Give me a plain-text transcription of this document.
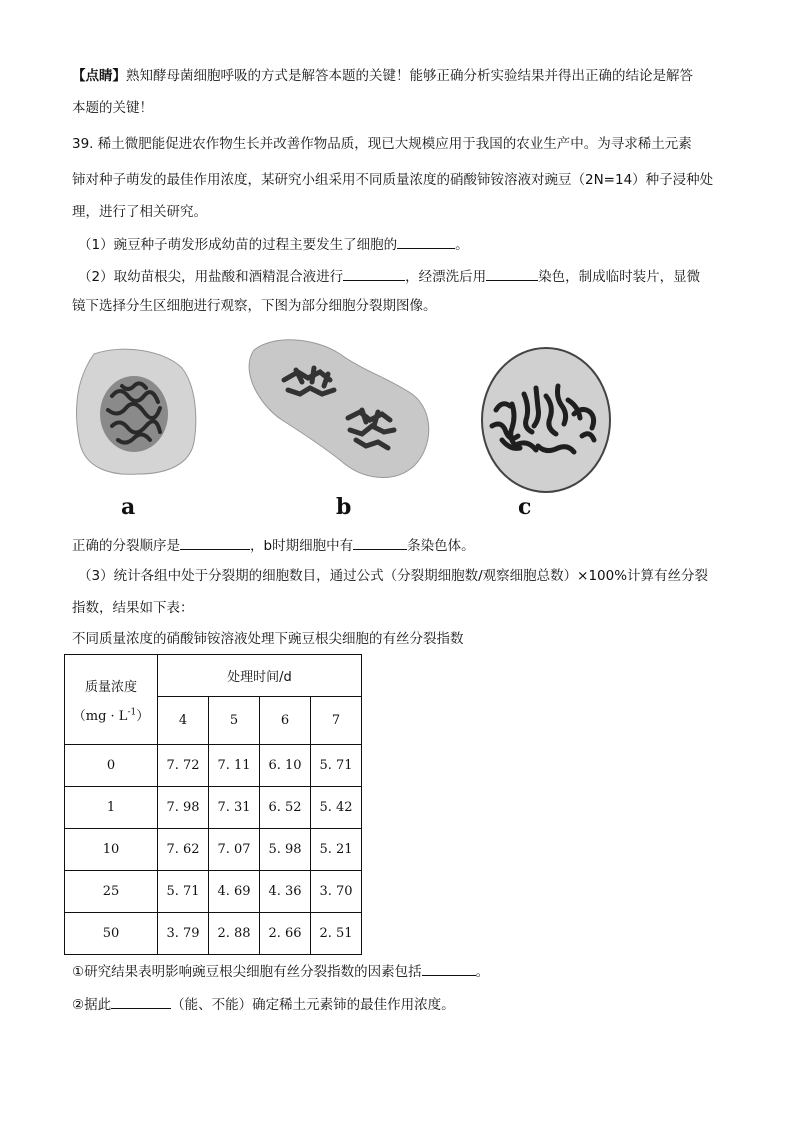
【点睛】熟知酵母菌细胞呼吸的方式是解答本题的关键！能够正确分析实验结果并得出正确的结论是解答
本题的关键！
39. 稀土微肥能促进农作物生长并改善作物品质，现已大规模应用于我国的农业生产中。为寻求稀土元素
铈对种子萌发的最佳作用浓度，某研究小组采用不同质量浓度的硝酸铈铵溶液对豌豆（2N=14）种子浸种处
理，进行了相关研究。
（1）豌豆种子萌发形成幼苗的过程主要发生了细胞的	。
（2）取幼苗根尖，用盐酸和酒精混合液进行	，经漂洗后用	染色，制成临时装片，显微
镜下选择分生区细胞进行观察，下图为部分细胞分裂期图像。
a	b	c
正确的分裂顺序是	，b时期细胞中有	条染色体。
（3）统计各组中处于分裂期的细胞数目，通过公式（分裂期细胞数/观察细胞总数）×100%计算有丝分裂
指数，结果如下表：
不同质量浓度的硝酸铈铵溶液处理下豌豆根尖细胞的有丝分裂指数
质量浓度
$(mg \cdot L^{-1})$	处理时间/d			
	4	5	6	7
0	7. 72	7. 11	6. 10	5. 71
1	7. 98	7. 31	6. 52	5. 42
10	7. 62	7. 07	5. 98	5. 21
25	5. 71	4. 69	4. 36	3. 70
50	3. 79	2. 88	2. 66	2. 51
①研究结果表明影响豌豆根尖细胞有丝分裂指数的因素包括	。
②据此	（能、不能）确定稀土元素铈的最佳作用浓度。
